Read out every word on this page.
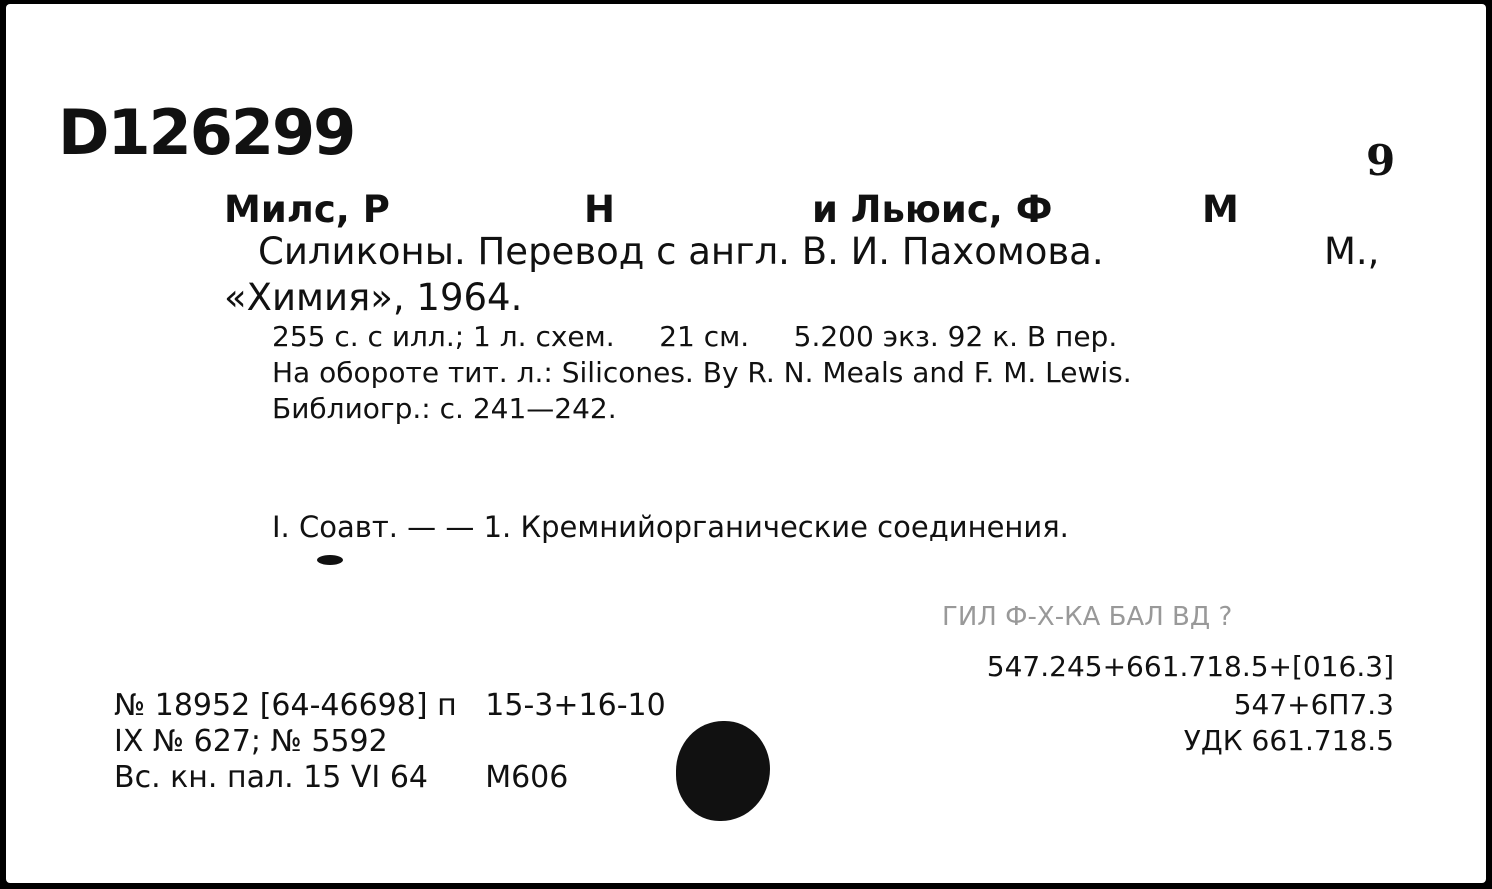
D126299	9
Милс, Р	Н	и Льюис, Ф	М
Силиконы. Перевод с англ. В. И. Пахомова.	М.,
«Химия», 1964.
255 с. с илл.; 1 л. схем.     21 см.     5.200 экз. 92 к. В пер.
На обороте тит. л.: Silicones. By R. N. Meals and F. M. Lewis.
Библиогр.: с. 241—242.
I. Соавт. — — 1. Кремнийорганические соединения.
ГИЛ Ф-Х-КА БАЛ ВД ?
547.245+661.718.5+[016.3]
547+6П7.3
УДК 661.718.5
№ 18952 [64-46698] п   15-3+16-10
IX № 627; № 5592
Вс. кн. пал. 15 VI 64      М606
